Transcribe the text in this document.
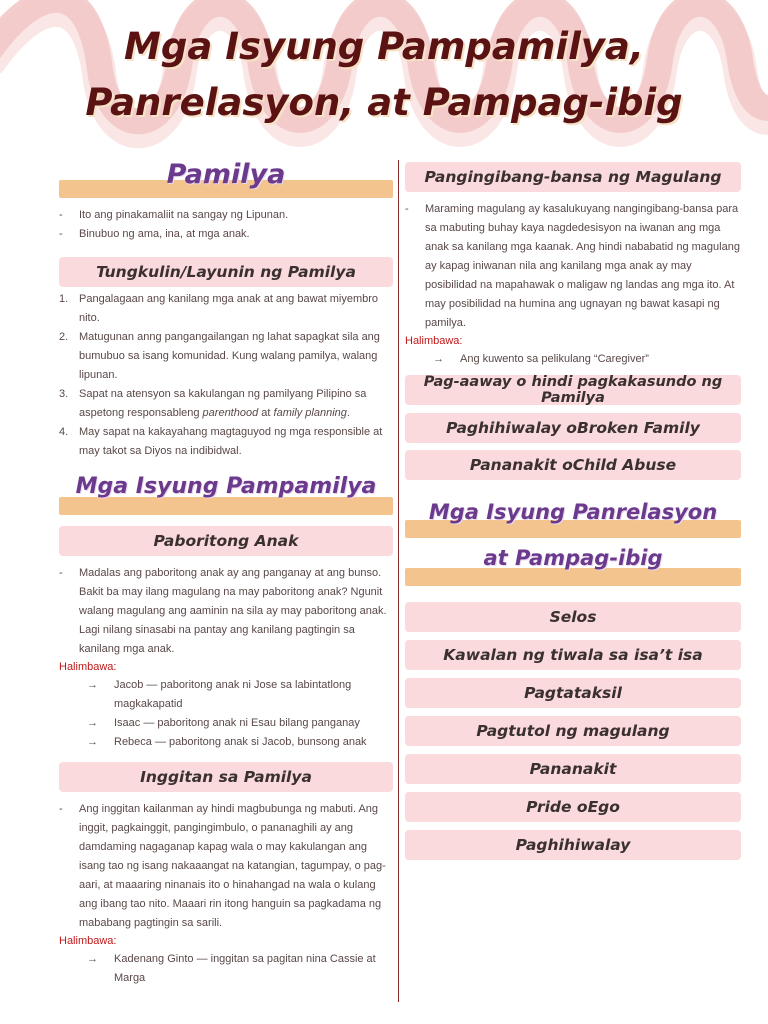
Mga Isyung Pampamilya,
Panrelasyon, at Pampag-ibig
Pamilya
- Ito ang pinakamaliit na sangay ng Lipunan.
- Binubuo ng ama, ina, at mga anak.
Tungkulin/Layunin ng Pamilya
1. Pangalagaan ang kanilang mga anak at ang bawat miyembro nito.
2. Matugunan anng pangangailangan ng lahat sapagkat sila ang bumubuo sa isang komunidad. Kung walang pamilya, walang lipunan.
3. Sapat na atensyon sa kakulangan ng pamilyang Pilipino sa aspetong responsableng parenthood at family planning.
4. May sapat na kakayahang magtaguyod ng mga responsible at may takot sa Diyos na indibidwal.
Mga Isyung Pampamilya
Paboritong Anak
- Madalas ang paboritong anak ay ang panganay at ang bunso. Bakit ba may ilang magulang na may paboritong anak? Ngunit walang magulang ang aaminin na sila ay may paboritong anak. Lagi nilang sinasabi na pantay ang kanilang pagtingin sa kanilang mga anak.
Halimbawa:
→ Jacob — paboritong anak ni Jose sa labintatlong magkakapatid
→ Isaac — paboritong anak ni Esau bilang panganay
→ Rebeca — paboritong anak si Jacob, bunsong anak
Inggitan sa Pamilya
- Ang inggitan kailanman ay hindi magbubunga ng mabuti. Ang inggit, pagkainggit, pangingimbulo, o pananaghili ay ang damdaming nagaganap kapag wala o may kakulangan ang isang tao ng isang nakaaangat na katangian, tagumpay, o pag-aari, at maaaring ninanais ito o hinahangad na wala o kulang ang ibang tao nito. Maaari rin itong hanguin sa pagkadama ng mababang pagtingin sa sarili.
Halimbawa:
→ Kadenang Ginto — inggitan sa pagitan nina Cassie at Marga
Pangingibang-bansa ng Magulang
- Maraming magulang ay kasalukuyang nangingibang-bansa para sa mabuting buhay kaya nagdedesisyon na iwanan ang mga anak sa kanilang mga kaanak. Ang hindi nababatid ng magulang ay kapag iniwanan nila ang kanilang mga anak ay may posibilidad na mapahawak o maligaw ng landas ang mga ito. At may posibilidad na humina ang ugnayan ng bawat kasapi ng pamilya.
Halimbawa:
→ Ang kuwento sa pelikulang “Caregiver”
Pag-aaway o hindi pagkakasundo ng Pamilya
Paghihiwalay o Broken Family
Pananakit o Child Abuse
Mga Isyung Panrelasyon
at Pampag-ibig
Selos
Kawalan ng tiwala sa isa’t isa
Pagtataksil
Pagtutol ng magulang
Pananakit
Pride o Ego
Paghihiwalay
